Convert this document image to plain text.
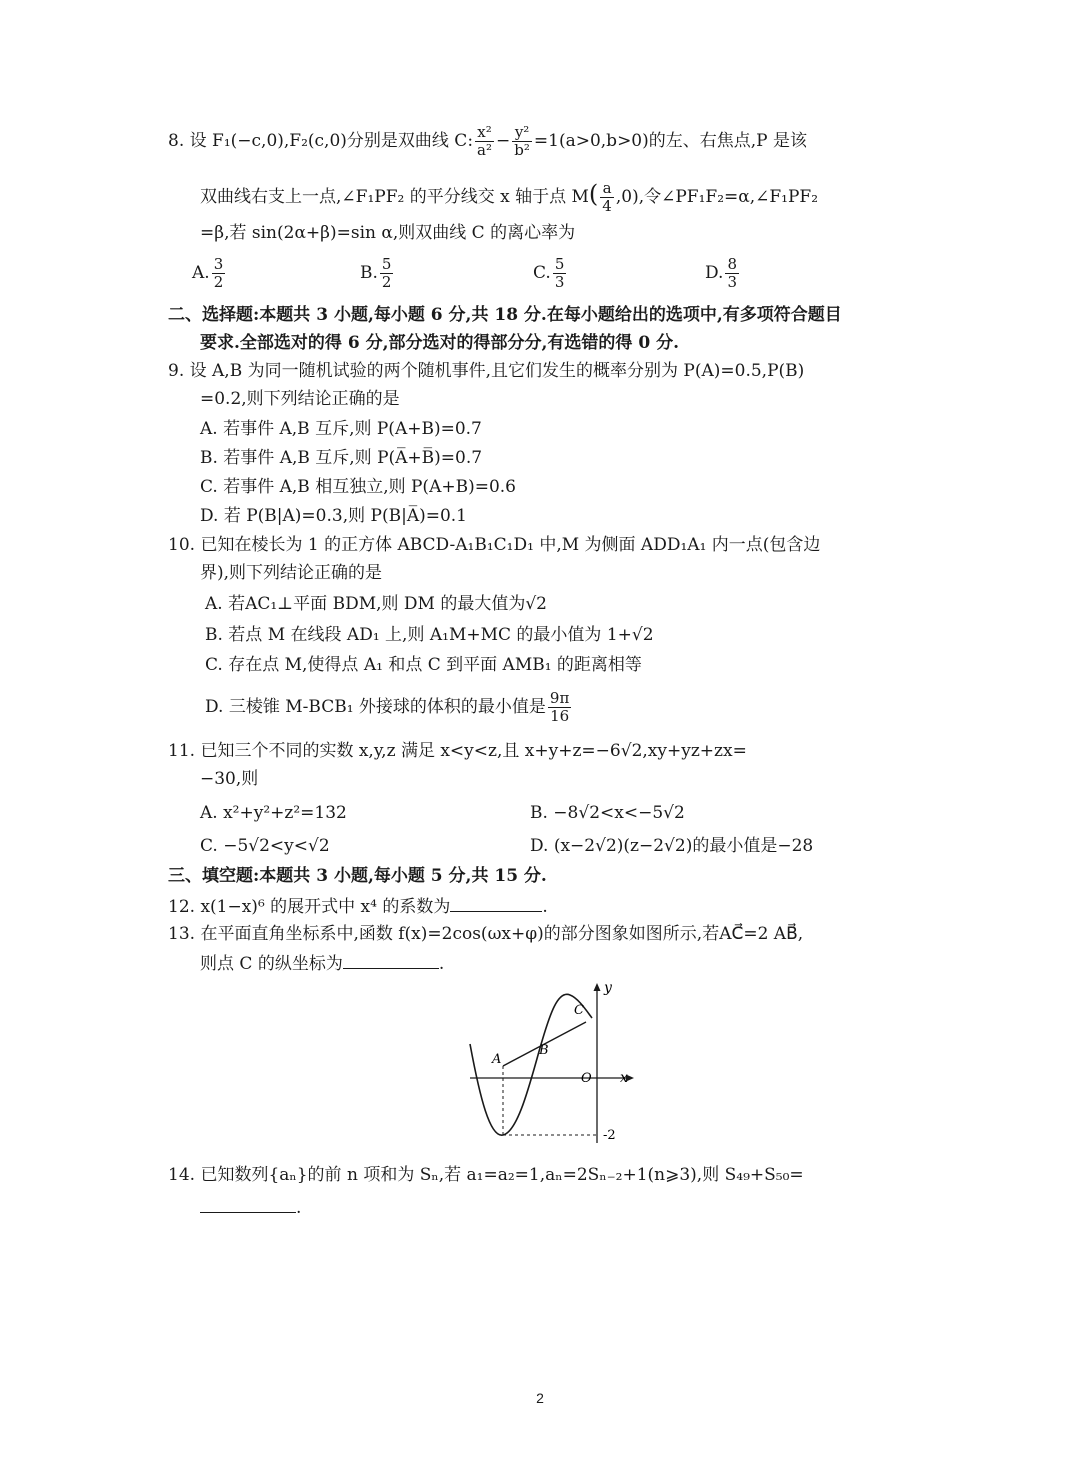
8. 设 F₁(−c,0),F₂(c,0)分别是双曲线 C: $\frac{\text{x²}}{\text{a²}} - \frac{\text{y²}}{\text{b²}} =1(a>0,b>0)$的左、右焦点,P 是该
双曲线右支上一点,∠F₁PF₂ 的平分线交 x 轴于点 $M( \frac{a}{4} ,0)$,令∠PF₁F₂=α,∠F₁PF₂
=β,若 sin(2α+β)=sin α,则双曲线 C 的离心率为
A. $\frac{3}{2}$	B. $\frac{5}{2}$	C. $\frac{5}{3}$	D. $\frac{8}{3}$
二、选择题:本题共 3 小题,每小题 6 分,共 18 分.在每小题给出的选项中,有多项符合题目
要求.全部选对的得 6 分,部分选对的得部分分,有选错的得 0 分.
9. 设 A,B 为同一随机试验的两个随机事件,且它们发生的概率分别为 P(A)=0.5,P(B)
=0.2,则下列结论正确的是
A. 若事件 A,B 互斥,则 P(A+B)=0.7
B. 若事件 A,B 互斥,则 P(A̅+B̅)=0.7
C. 若事件 A,B 相互独立,则 P(A+B)=0.6
D. 若 P(B|A)=0.3,则 P(B|A̅)=0.1
10. 已知在棱长为 1 的正方体 ABCD-A₁B₁C₁D₁ 中,M 为侧面 ADD₁A₁ 内一点(包含边
界),则下列结论正确的是
A. 若AC₁⊥平面 BDM,则 DM 的最大值为√2
B. 若点 M 在线段 AD₁ 上,则 A₁M+MC 的最小值为 1+√2
C. 存在点 M,使得点 A₁ 和点 C 到平面 AMB₁ 的距离相等
D. 三棱锥 M-BCB₁ 外接球的体积的最小值是 $\frac{9\pi}{16}$
11. 已知三个不同的实数 x,y,z 满足 x<y<z,且 x+y+z=−6√2,xy+yz+zx=
−30,则
A. x²+y²+z²=132	B. −8√2<x<−5√2
C. −5√2<y<√2	D. (x−2√2)(z−2√2)的最小值是−28
三、填空题:本题共 3 小题,每小题 5 分,共 15 分.
12. x(1−x)⁶ 的展开式中 x⁴ 的系数为	.
13. 在平面直角坐标系中,函数 f(x)=2cos(ωx+φ)的部分图象如图所示,若AC⃗=2 AB⃗,
则点 C 的纵坐标为	.
y
x
O
A
B
C
-2
14. 已知数列{aₙ}的前 n 项和为 Sₙ,若 a₁=a₂=1,aₙ=2Sₙ₋₂+1(n⩾3),则 S₄₉+S₅₀=
.
2
